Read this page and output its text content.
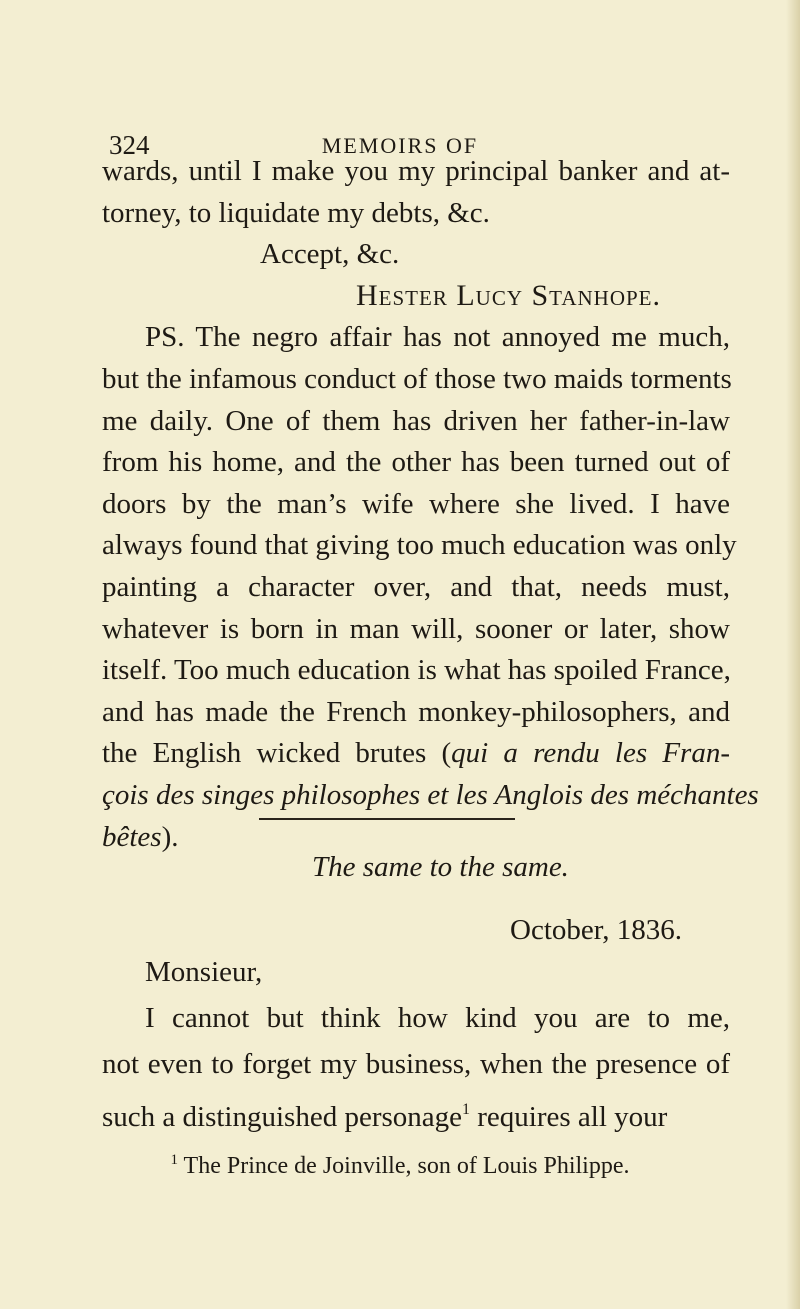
324	MEMOIRS OF
wards, until I make you my principal banker and at-
torney, to liquidate my debts, &c.
Accept, &c.
Hester Lucy Stanhope.
PS. The negro affair has not annoyed me much,
but the infamous conduct of those two maids torments
me daily. One of them has driven her father-in-law
from his home, and the other has been turned out of
doors by the man’s wife where she lived. I have
always found that giving too much education was only
painting a character over, and that, needs must,
whatever is born in man will, sooner or later, show
itself. Too much education is what has spoiled France,
and has made the French monkey-philosophers, and
the English wicked brutes (qui a rendu les Fran-
çois des singes philosophes et les Anglois des méchantes
bêtes).
The same to the same.
October, 1836.
Monsieur,
I cannot but think how kind you are to me,
not even to forget my business, when the presence of
such a distinguished personage$^1$ requires all your
$^1$ The Prince de Joinville, son of Louis Philippe.
